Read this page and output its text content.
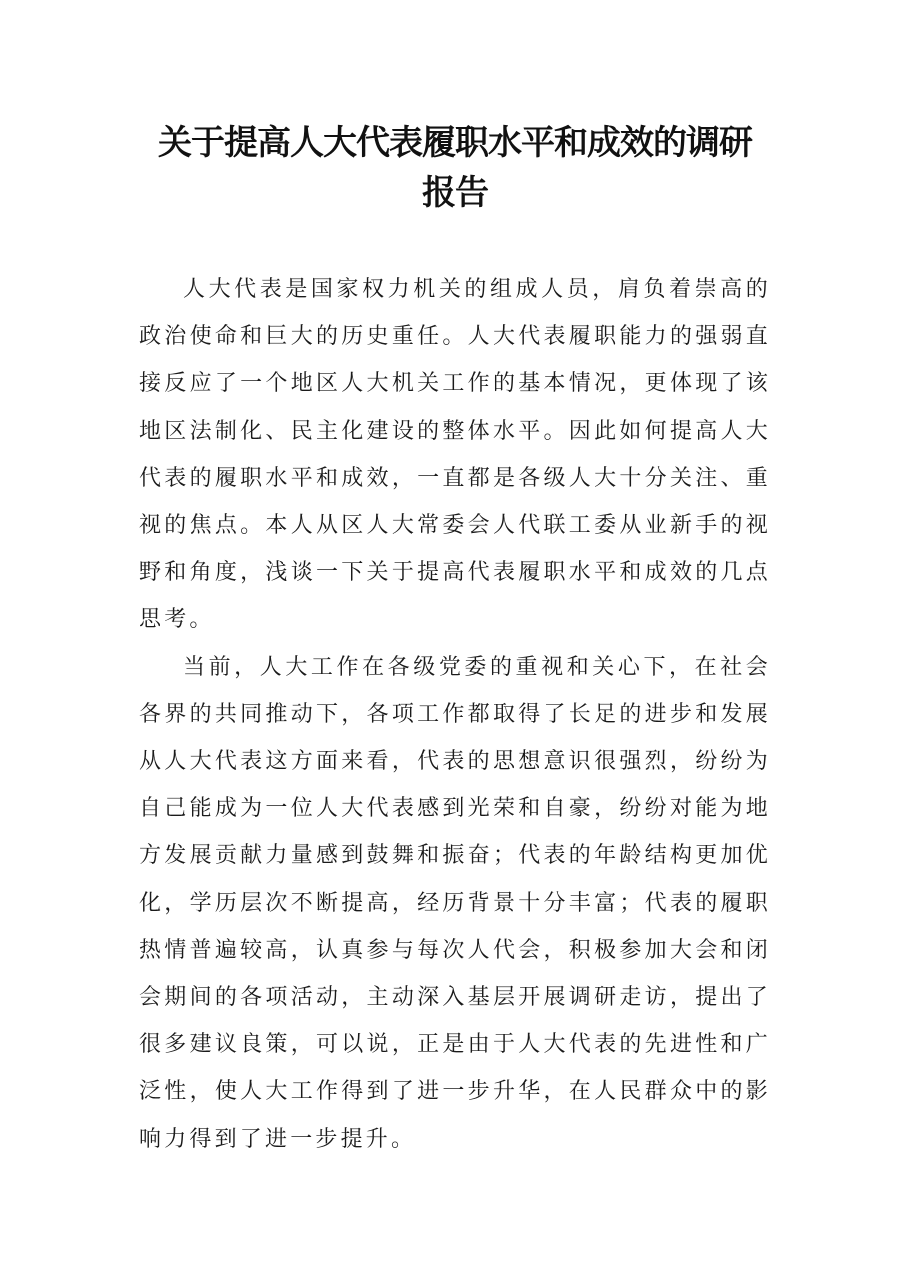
关于提高人大代表履职水平和成效的调研
报告

人大代表是国家权力机关的组成人员，肩负着崇高的政治使命和巨大的历史重任。人大代表履职能力的强弱直接反应了一个地区人大机关工作的基本情况，更体现了该地区法制化、民主化建设的整体水平。因此如何提高人大代表的履职水平和成效，一直都是各级人大十分关注、重视的焦点。本人从区人大常委会人代联工委从业新手的视野和角度，浅谈一下关于提高代表履职水平和成效的几点思考。

当前，人大工作在各级党委的重视和关心下，在社会各界的共同推动下，各项工作都取得了长足的进步和发展从人大代表这方面来看，代表的思想意识很强烈，纷纷为自己能成为一位人大代表感到光荣和自豪，纷纷对能为地方发展贡献力量感到鼓舞和振奋；代表的年龄结构更加优化，学历层次不断提高，经历背景十分丰富；代表的履职热情普遍较高，认真参与每次人代会，积极参加大会和闭会期间的各项活动，主动深入基层开展调研走访，提出了很多建议良策，可以说，正是由于人大代表的先进性和广泛性，使人大工作得到了进一步升华，在人民群众中的影响力得到了进一步提升。
